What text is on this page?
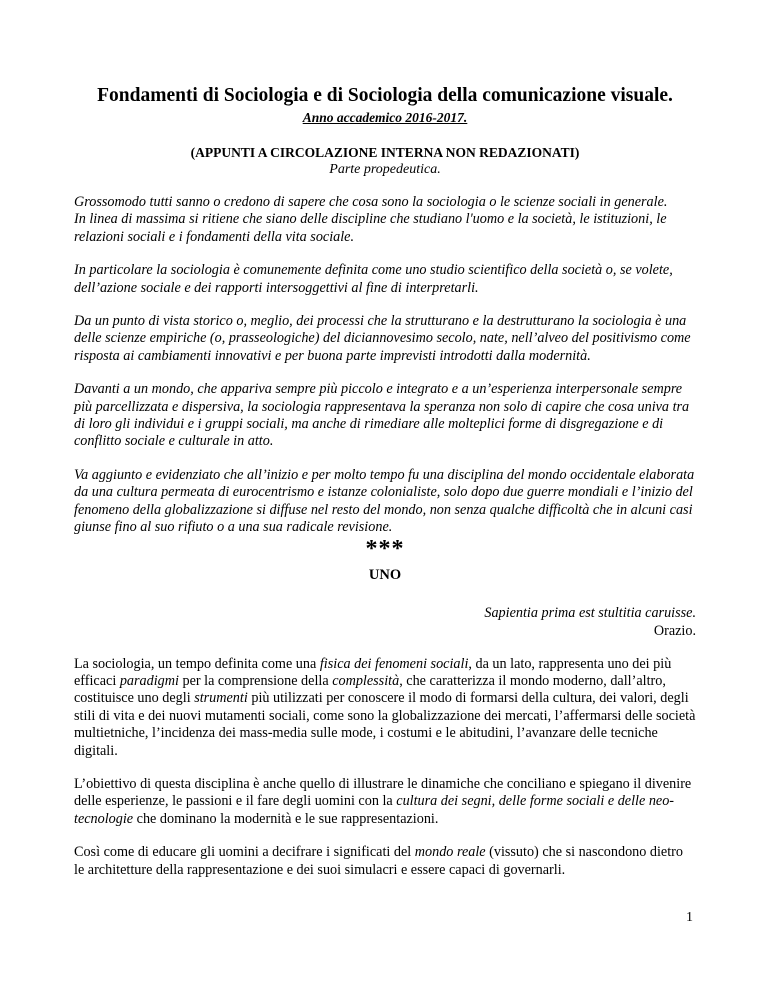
Fondamenti di Sociologia e di Sociologia della comunicazione visuale.
Anno accademico 2016-2017.
(APPUNTI A CIRCOLAZIONE INTERNA NON REDAZIONATI)
Parte propedeutica.

Grossomodo tutti sanno o credono di sapere che cosa sono la sociologia o le scienze sociali in generale.

In linea di massima si ritiene che siano delle discipline che studiano l'uomo e la società, le istituzioni, le relazioni sociali e i fondamenti della vita sociale.

In particolare la sociologia è comunemente definita come uno studio scientifico della società o, se volete, dell’azione sociale e dei rapporti intersoggettivi al fine di interpretarli.

Da un punto di vista storico o, meglio, dei processi che la strutturano e la destrutturano la sociologia è una delle scienze empiriche (o, prasseologiche) del diciannovesimo secolo, nate, nell’alveo del positivismo come risposta ai cambiamenti innovativi e per buona parte imprevisti introdotti dalla modernità.

Davanti a un mondo, che appariva sempre più piccolo e integrato e a un’esperienza interpersonale sempre più parcellizzata e dispersiva, la sociologia rappresentava la speranza non solo di capire che cosa univa tra di loro gli individui e i gruppi sociali, ma anche di rimediare alle molteplici forme di disgregazione e di conflitto sociale e culturale in atto.

Va aggiunto e evidenziato che all’inizio e per molto tempo fu una disciplina del mondo occidentale elaborata da una cultura permeata di eurocentrismo e istanze colonialiste, solo dopo due guerre mondiali e l’inizio del fenomeno della globalizzazione si diffuse nel resto del mondo, non senza qualche difficoltà che in alcuni casi giunse fino al suo rifiuto o a una sua radicale revisione.

***
UNO
Sapientia prima est stultitia caruisse.
Orazio.

La sociologia, un tempo definita come una fisica dei fenomeni sociali, da un lato, rappresenta uno dei più efficaci paradigmi per la comprensione della complessità, che caratterizza il mondo moderno, dall’altro, costituisce uno degli strumenti più utilizzati per conoscere il modo di formarsi della cultura, dei valori, degli stili di vita e dei nuovi mutamenti sociali, come sono la globalizzazione dei mercati, l’affermarsi delle società multietniche, l’incidenza dei mass-media sulle mode, i costumi e le abitudini, l’avanzare delle tecniche digitali.

L’obiettivo di questa disciplina è anche quello di illustrare le dinamiche che conciliano e spiegano il divenire delle esperienze, le passioni e il fare degli uomini con la cultura dei segni, delle forme sociali e delle neo-tecnologie che dominano la modernità e le sue rappresentazioni.

Così come di educare gli uomini a decifrare i significati del mondo reale (vissuto) che si nascondono dietro le architetture della rappresentazione e dei suoi simulacri e essere capaci di governarli.

1
